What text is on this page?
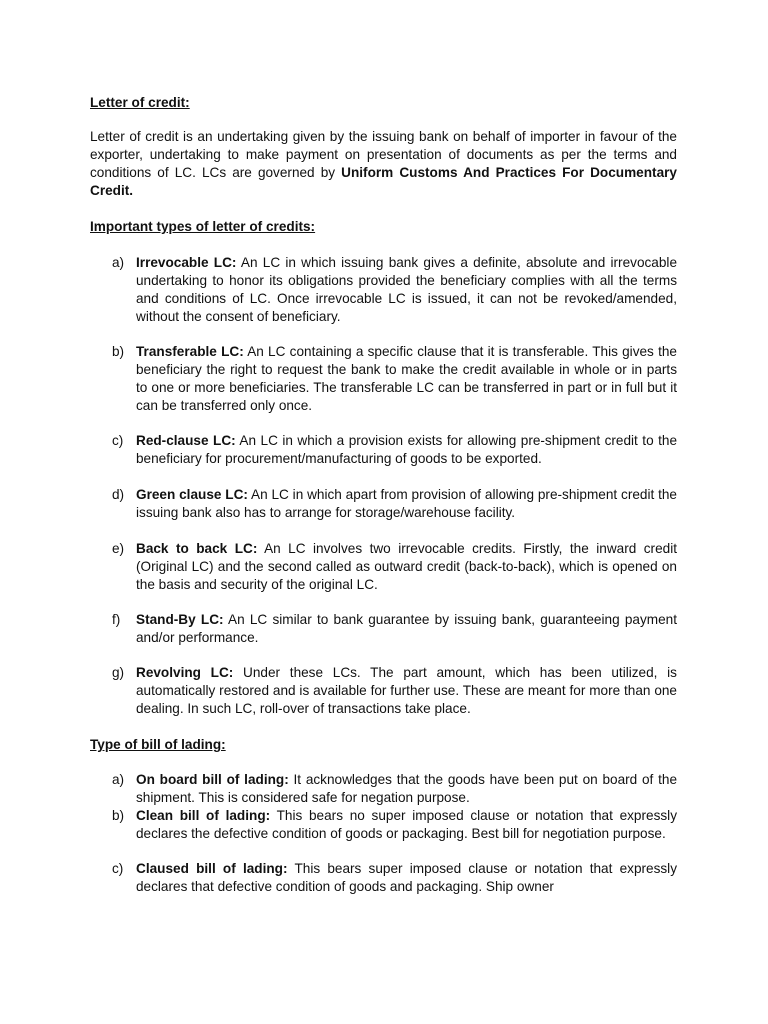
Letter of credit:
Letter of credit is an undertaking given by the issuing bank on behalf of importer in favour of the exporter, undertaking to make payment on presentation of documents as per the terms and conditions of LC. LCs are governed by Uniform Customs And Practices For Documentary Credit.
Important types of letter of credits:
a) Irrevocable LC: An LC in which issuing bank gives a definite, absolute and irrevocable undertaking to honor its obligations provided the beneficiary complies with all the terms and conditions of LC. Once irrevocable LC is issued, it can not be revoked/amended, without the consent of beneficiary.
b) Transferable LC: An LC containing a specific clause that it is transferable. This gives the beneficiary the right to request the bank to make the credit available in whole or in parts to one or more beneficiaries. The transferable LC can be transferred in part or in full but it can be transferred only once.
c) Red-clause LC: An LC in which a provision exists for allowing pre-shipment credit to the beneficiary for procurement/manufacturing of goods to be exported.
d) Green clause LC: An LC in which apart from provision of allowing pre-shipment credit the issuing bank also has to arrange for storage/warehouse facility.
e) Back to back LC: An LC involves two irrevocable credits. Firstly, the inward credit (Original LC) and the second called as outward credit (back-to-back), which is opened on the basis and security of the original LC.
f)	Stand-By LC: An LC similar to bank guarantee by issuing bank, guaranteeing payment and/or performance.
g) Revolving LC: Under these LCs. The part amount, which has been utilized, is automatically restored and is available for further use. These are meant for more than one dealing. In such LC, roll-over of transactions take place.
Type of bill of lading:
a) On board bill of lading: It acknowledges that the goods have been put on board of the shipment. This is considered safe for negation purpose.
b) Clean bill of lading: This bears no super imposed clause or notation that expressly declares the defective condition of goods or packaging. Best bill for negotiation purpose.
c) Claused bill of lading: This bears super imposed clause or notation that expressly declares that defective condition of goods and packaging. Ship owner
